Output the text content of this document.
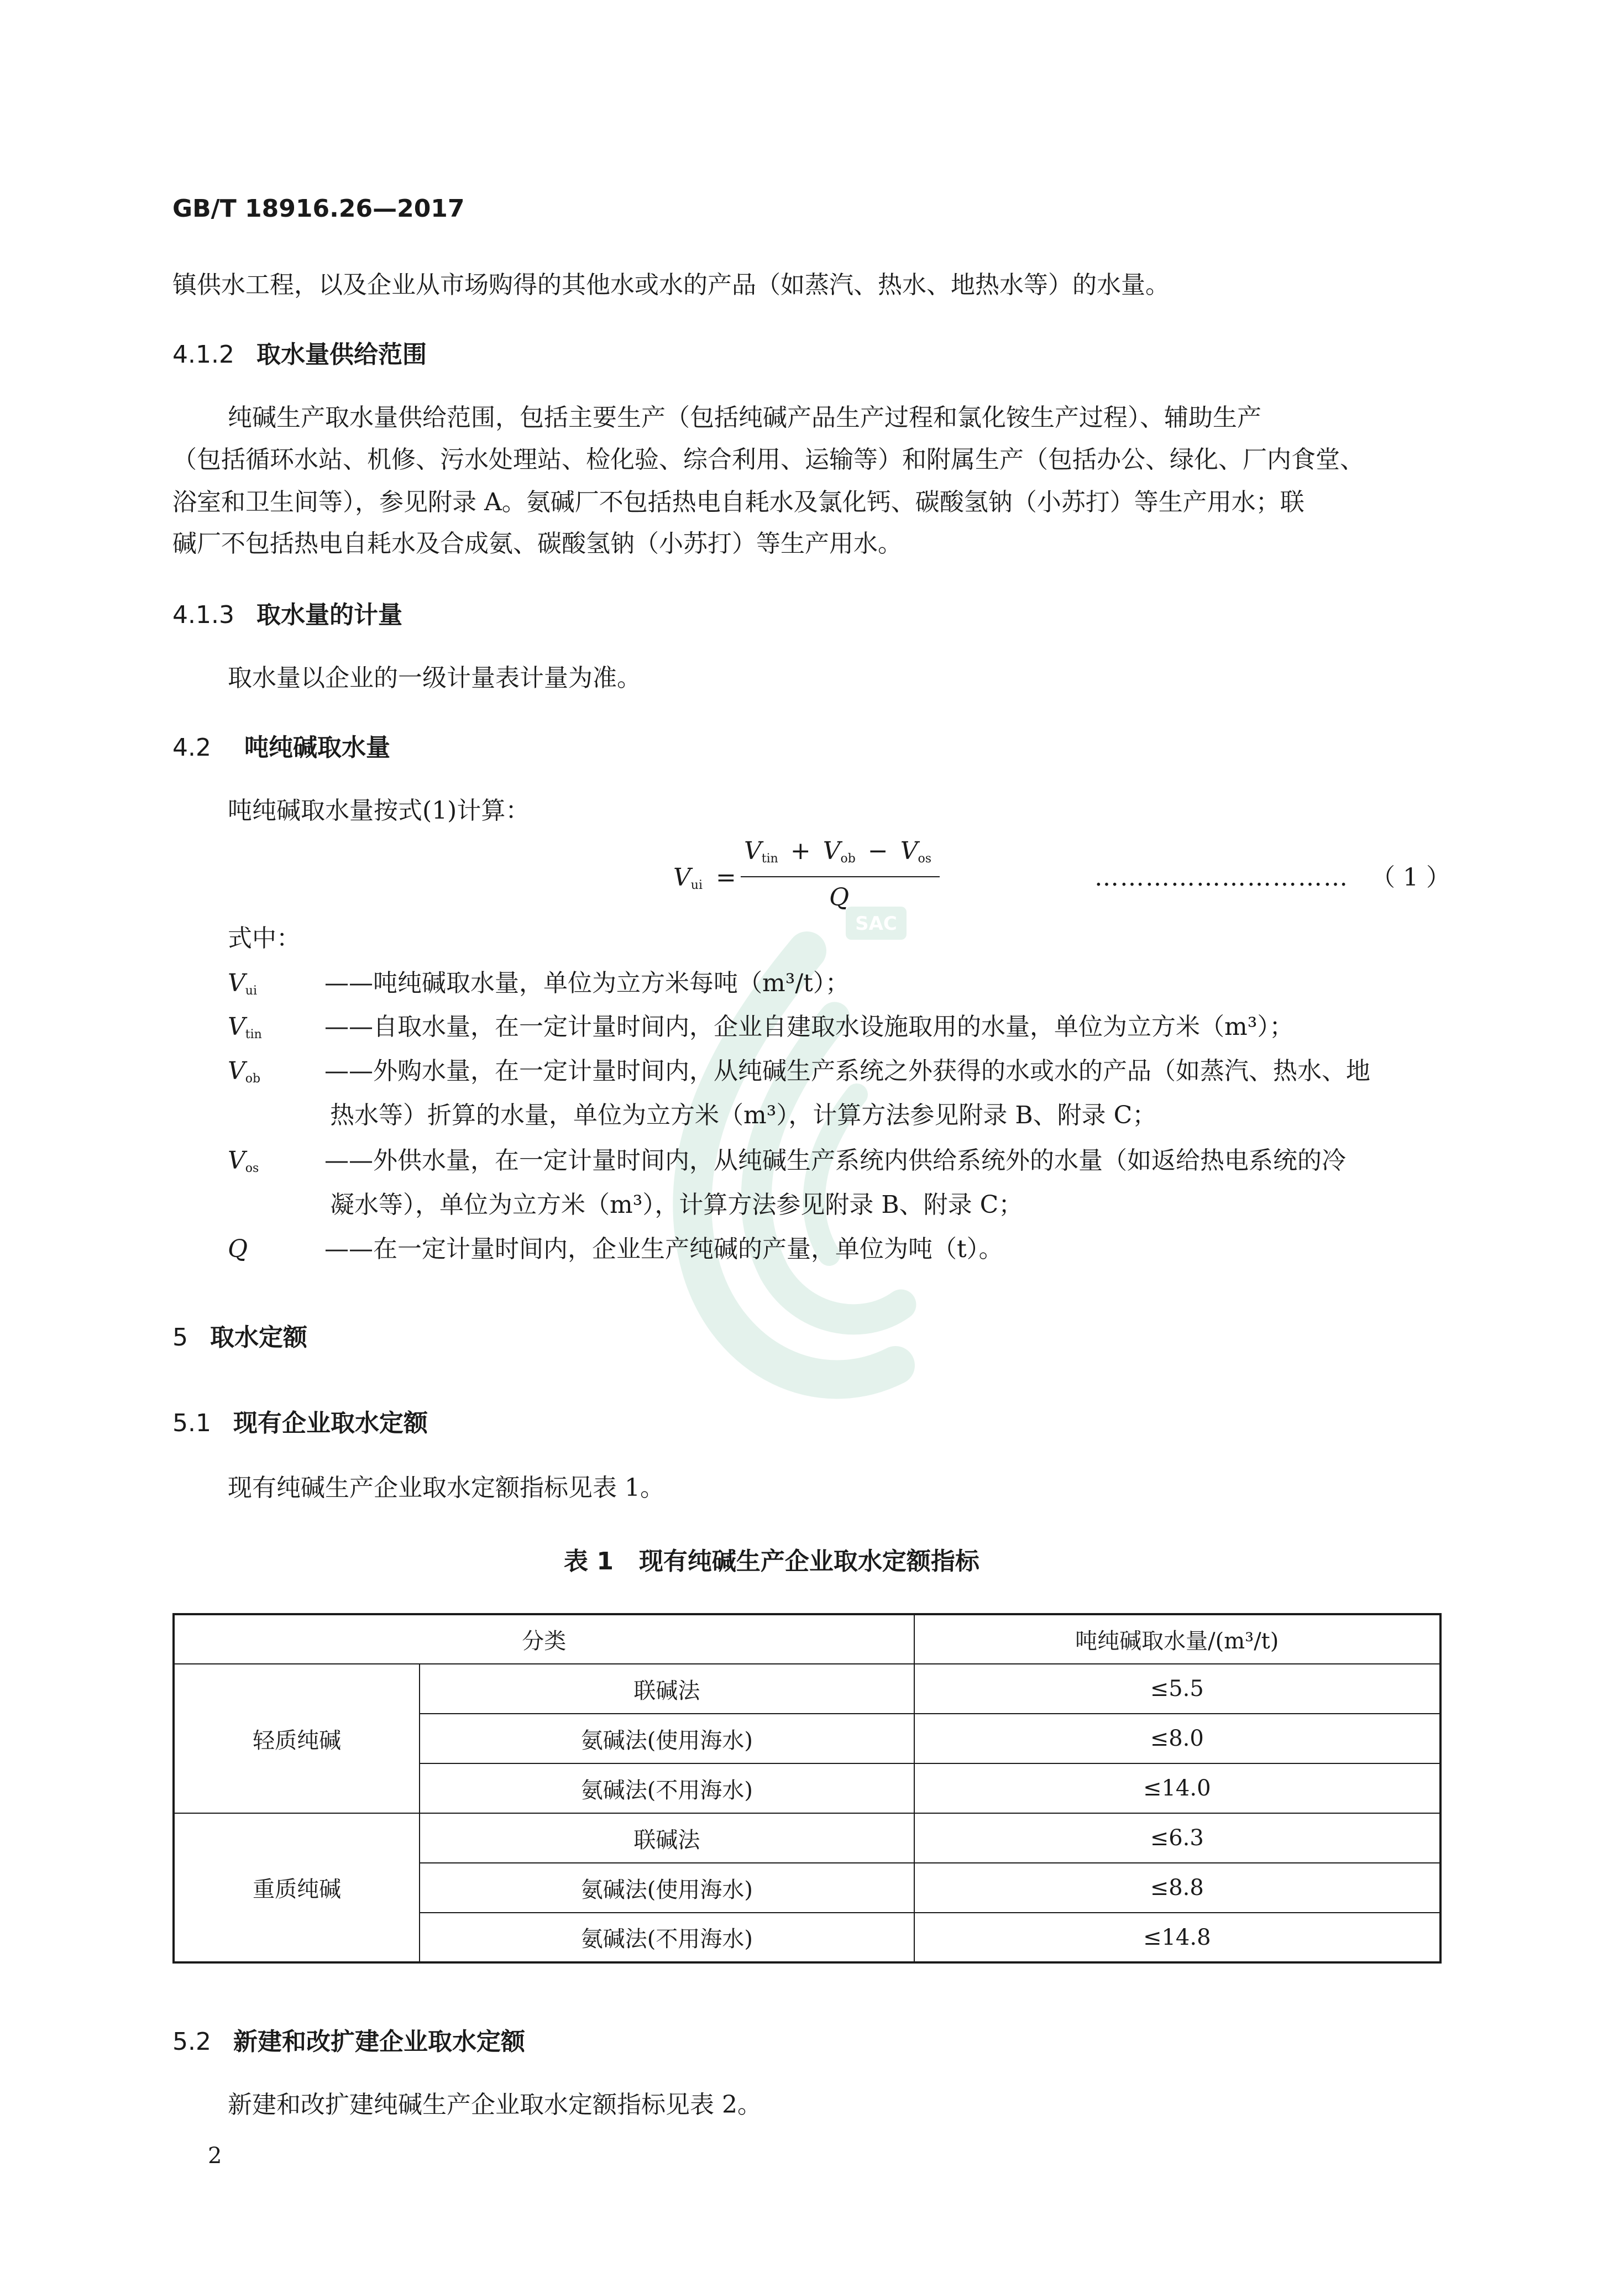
SAC
GB/T 18916.26—2017
镇供水工程，以及企业从市场购得的其他水或水的产品（如蒸汽、热水、地热水等）的水量。
4.1.2 取水量供给范围
纯碱生产取水量供给范围，包括主要生产（包括纯碱产品生产过程和氯化铵生产过程）、辅助生产
（包括循环水站、机修、污水处理站、检化验、综合利用、运输等）和附属生产（包括办公、绿化、厂内食堂、
浴室和卫生间等），参见附录 A。氨碱厂不包括热电自耗水及氯化钙、碳酸氢钠（小苏打）等生产用水；联
碱厂不包括热电自耗水及合成氨、碳酸氢钠（小苏打）等生产用水。
4.1.3 取水量的计量
取水量以企业的一级计量表计量为准。
4.2 吨纯碱取水量
吨纯碱取水量按式(1)计算：
$V_{ui}$ =
$V_{tin} + V_{ob} - V_{os}$
Q
………………………… （ 1 ）
式中：
$V_{ui}$	——吨纯碱取水量，单位为立方米每吨（m³/t）；
$V_{tin}$	——自取水量，在一定计量时间内，企业自建取水设施取用的水量，单位为立方米（m³）；
$V_{ob}$	——外购水量，在一定计量时间内，从纯碱生产系统之外获得的水或水的产品（如蒸汽、热水、地
热水等）折算的水量，单位为立方米（m³），计算方法参见附录 B、附录 C；
$V_{os}$	——外供水量，在一定计量时间内，从纯碱生产系统内供给系统外的水量（如返给热电系统的冷
凝水等），单位为立方米（m³），计算方法参见附录 B、附录 C；
Q	——在一定计量时间内，企业生产纯碱的产量，单位为吨（t）。
5 取水定额
5.1 现有企业取水定额
现有纯碱生产企业取水定额指标见表 1。
表 1 现有纯碱生产企业取水定额指标
分类		吨纯碱取水量/(m³/t)
轻质纯碱	联碱法	≤5.5
	氨碱法(使用海水)	≤8.0
	氨碱法(不用海水)	≤14.0
重质纯碱	联碱法	≤6.3
	氨碱法(使用海水)	≤8.8
	氨碱法(不用海水)	≤14.8
5.2 新建和改扩建企业取水定额
新建和改扩建纯碱生产企业取水定额指标见表 2。
2
